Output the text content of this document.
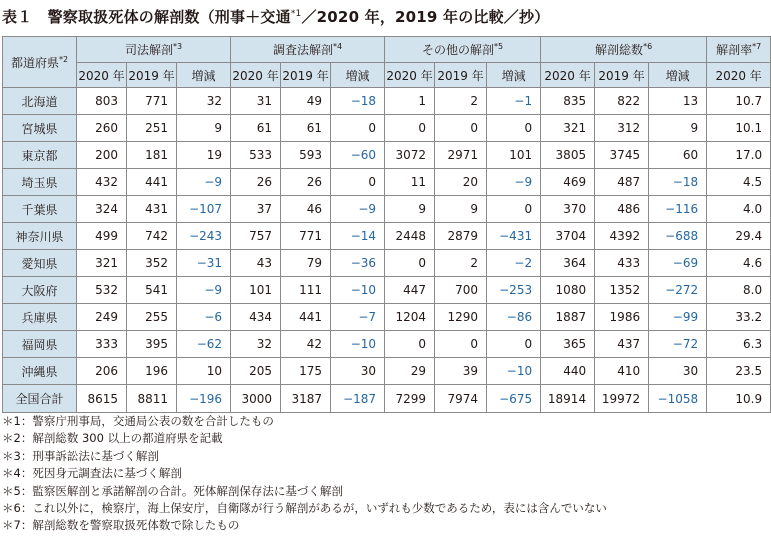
表１　警察取扱死体の解剖数（刑事＋交通$^{*1}$／2020 年，2019 年の比較／抄）
都道府県$^{*2}$	司法解剖$^{*3}$			調査法解剖$^{*4}$			その他の解剖$^{*5}$			解剖総数$^{*6}$			解剖率$^{*7}$
	2020 年	2019 年	増減	2020 年	2019 年	増減	2020 年	2019 年	増減	2020 年	2019 年	増減	2020 年
北海道	803	771	32	31	49	−18	1	2	−1	835	822	13	10.7
宮城県	260	251	9	61	61	0	0	0	0	321	312	9	10.1
東京都	200	181	19	533	593	−60	3072	2971	101	3805	3745	60	17.0
埼玉県	432	441	−9	26	26	0	11	20	−9	469	487	−18	4.5
千葉県	324	431	−107	37	46	−9	9	9	0	370	486	−116	4.0
神奈川県	499	742	−243	757	771	−14	2448	2879	−431	3704	4392	−688	29.4
愛知県	321	352	−31	43	79	−36	0	2	−2	364	433	−69	4.6
大阪府	532	541	−9	101	111	−10	447	700	−253	1080	1352	−272	8.0
兵庫県	249	255	−6	434	441	−7	1204	1290	−86	1887	1986	−99	33.2
福岡県	333	395	−62	32	42	−10	0	0	0	365	437	−72	6.3
沖縄県	206	196	10	205	175	30	29	39	−10	440	410	30	23.5
全国合計	8615	8811	−196	3000	3187	−187	7299	7974	−675	18914	19972	−1058	10.9
＊1：警察庁刑事局，交通局公表の数を合計したもの
＊2：解剖総数 300 以上の都道府県を記載
＊3：刑事訴訟法に基づく解剖
＊4：死因身元調査法に基づく解剖
＊5：監察医解剖と承諾解剖の合計。死体解剖保存法に基づく解剖
＊6：これ以外に，検察庁，海上保安庁，自衛隊が行う解剖があるが，いずれも少数であるため，表には含んでいない
＊7：解剖総数を警察取扱死体数で除したもの
